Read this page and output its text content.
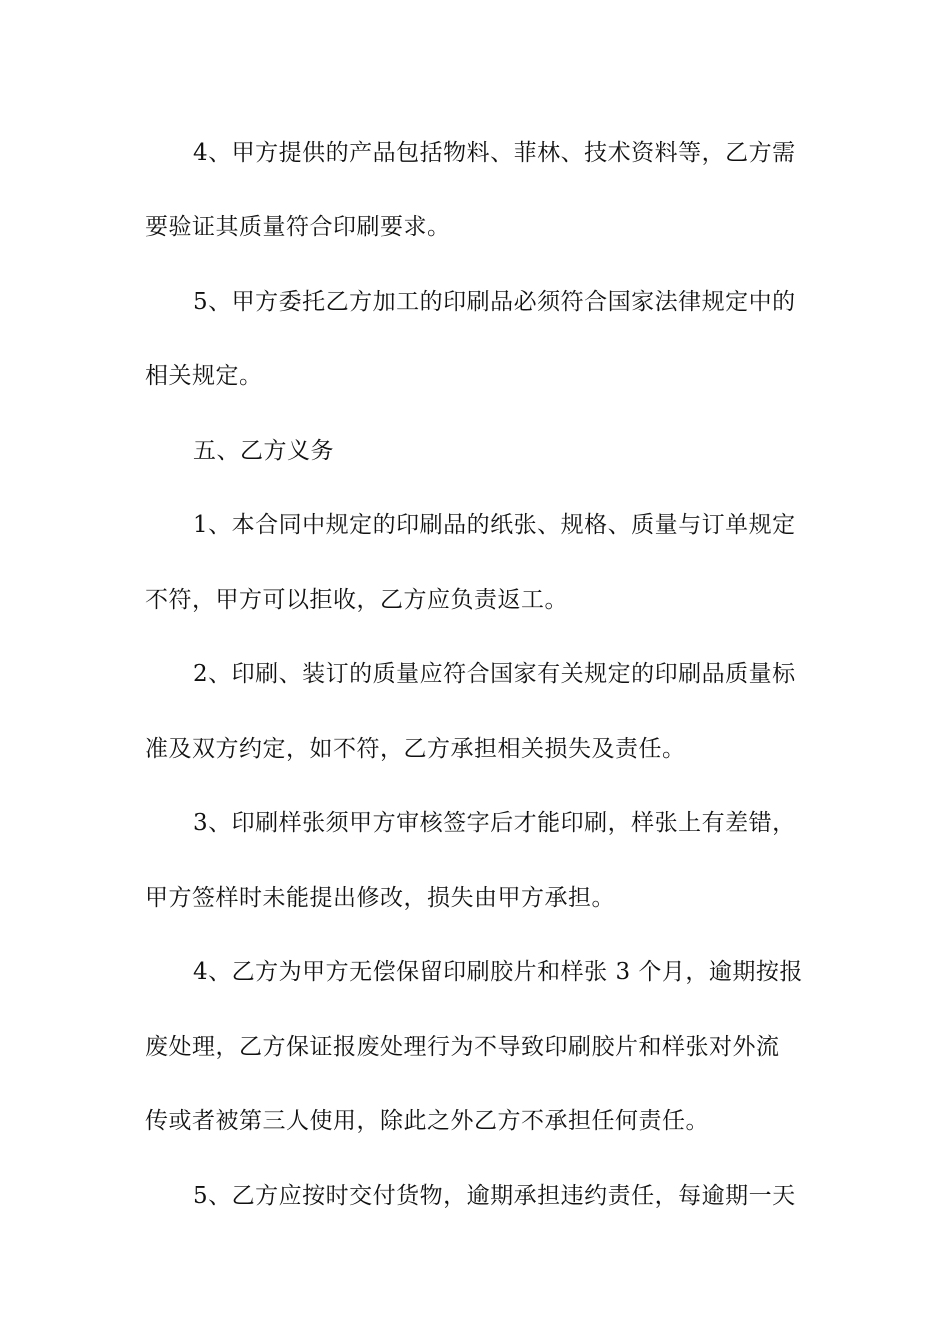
4、甲方提供的产品包括物料、菲林、技术资料等，乙方需
要验证其质量符合印刷要求。
5、甲方委托乙方加工的印刷品必须符合国家法律规定中的
相关规定。
五、乙方义务
1、本合同中规定的印刷品的纸张、规格、质量与订单规定
不符，甲方可以拒收，乙方应负责返工。
2、印刷、装订的质量应符合国家有关规定的印刷品质量标
准及双方约定，如不符，乙方承担相关损失及责任。
3、印刷样张须甲方审核签字后才能印刷，样张上有差错，
甲方签样时未能提出修改，损失由甲方承担。
4、乙方为甲方无偿保留印刷胶片和样张 3 个月，逾期按报
废处理，乙方保证报废处理行为不导致印刷胶片和样张对外流
传或者被第三人使用，除此之外乙方不承担任何责任。
5、乙方应按时交付货物，逾期承担违约责任，每逾期一天
